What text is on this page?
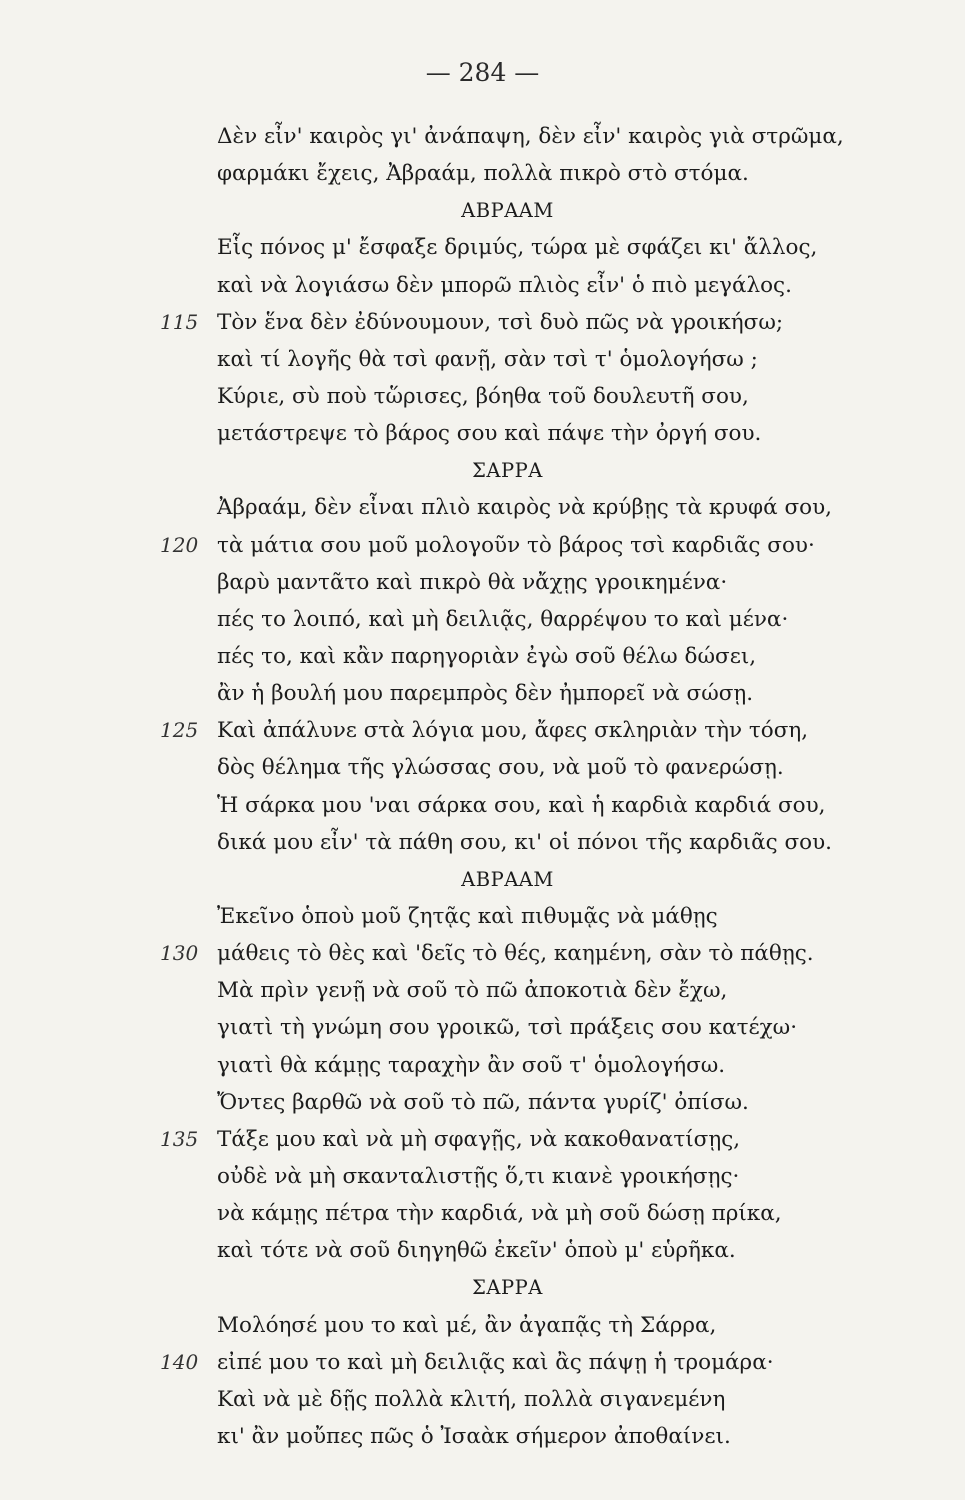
— 284 —
Δὲν εἶν' καιρὸς γι' ἀνάπαψη, δὲν εἶν' καιρὸς γιὰ στρῶμα,
φαρμάκι ἔχεις, Ἀβραάμ, πολλὰ πικρὸ στὸ στόμα.
ΑΒΡΑΑΜ
Εἷς πόνος μ' ἔσφαξε δριμύς, τώρα μὲ σφάζει κι' ἄλλος,
καὶ νὰ λογιάσω δὲν μπορῶ πλιὸς εἶν' ὁ πιὸ μεγάλος.
115 Τὸν ἕνα δὲν ἐδύνουμουν, τσὶ δυὸ πῶς νὰ γροικήσω;
καὶ τί λογῆς θὰ τσὶ φανῇ, σὰν τσὶ τ' ὁμολογήσω ;
Κύριε, σὺ ποὺ τὥρισες, βόηθα τοῦ δουλευτῆ σου,
μετάστρεψε τὸ βάρος σου καὶ πάψε τὴν ὀργή σου.
ΣΑΡΡΑ
Ἀβραάμ, δὲν εἶναι πλιὸ καιρὸς νὰ κρύβῃς τὰ κρυφά σου,
120 τὰ μάτια σου μοῦ μολογοῦν τὸ βάρος τσὶ καρδιᾶς σου·
βαρὺ μαντᾶτο καὶ πικρὸ θὰ νἄχῃς γροικημένα·
πές το λοιπό, καὶ μὴ δειλιᾷς, θαρρέψου το καὶ μένα·
πές το, καὶ κἂν παρηγοριὰν ἐγὼ σοῦ θέλω δώσει,
ἂν ἡ βουλή μου παρεμπρὸς δὲν ἠμπορεῖ νὰ σώσῃ.
125 Καὶ ἀπάλυνε στὰ λόγια μου, ἄφες σκληριὰν τὴν τόση,
δὸς θέλημα τῆς γλώσσας σου, νὰ μοῦ τὸ φανερώσῃ.
Ἡ σάρκα μου 'ναι σάρκα σου, καὶ ἡ καρδιὰ καρδιά σου,
δικά μου εἶν' τὰ πάθη σου, κι' οἱ πόνοι τῆς καρδιᾶς σου.
ΑΒΡΑΑΜ
Ἐκεῖνο ὁποὺ μοῦ ζητᾷς καὶ πιθυμᾷς νὰ μάθῃς
130 μάθεις τὸ θὲς καὶ 'δεῖς τὸ θές, καημένη, σὰν τὸ πάθῃς.
Μὰ πρὶν γενῇ νὰ σοῦ τὸ πῶ ἀποκοτιὰ δὲν ἔχω,
γιατὶ τὴ γνώμη σου γροικῶ, τσὶ πράξεις σου κατέχω·
γιατὶ θὰ κάμῃς ταραχὴν ἂν σοῦ τ' ὁμολογήσω.
Ὄντες βαρθῶ νὰ σοῦ τὸ πῶ, πάντα γυρίζ' ὀπίσω.
135 Τάξε μου καὶ νὰ μὴ σφαγῇς, νὰ κακοθανατίσῃς,
οὐδὲ νὰ μὴ σκανταλιστῇς ὅ,τι κιανὲ γροικήσῃς·
νὰ κάμῃς πέτρα τὴν καρδιά, νὰ μὴ σοῦ δώσῃ πρίκα,
καὶ τότε νὰ σοῦ διηγηθῶ ἐκεῖν' ὁποὺ μ' εὑρῆκα.
ΣΑΡΡΑ
Μολόησέ μου το καὶ μέ, ἂν ἀγαπᾷς τὴ Σάρρα,
140 εἰπέ μου το καὶ μὴ δειλιᾷς καὶ ἂς πάψῃ ἡ τρομάρα·
Καὶ νὰ μὲ δῇς πολλὰ κλιτή, πολλὰ σιγανεμένη
κι' ἂν μοὔπες πῶς ὁ Ἰσαὰκ σήμερον ἀποθαίνει.
